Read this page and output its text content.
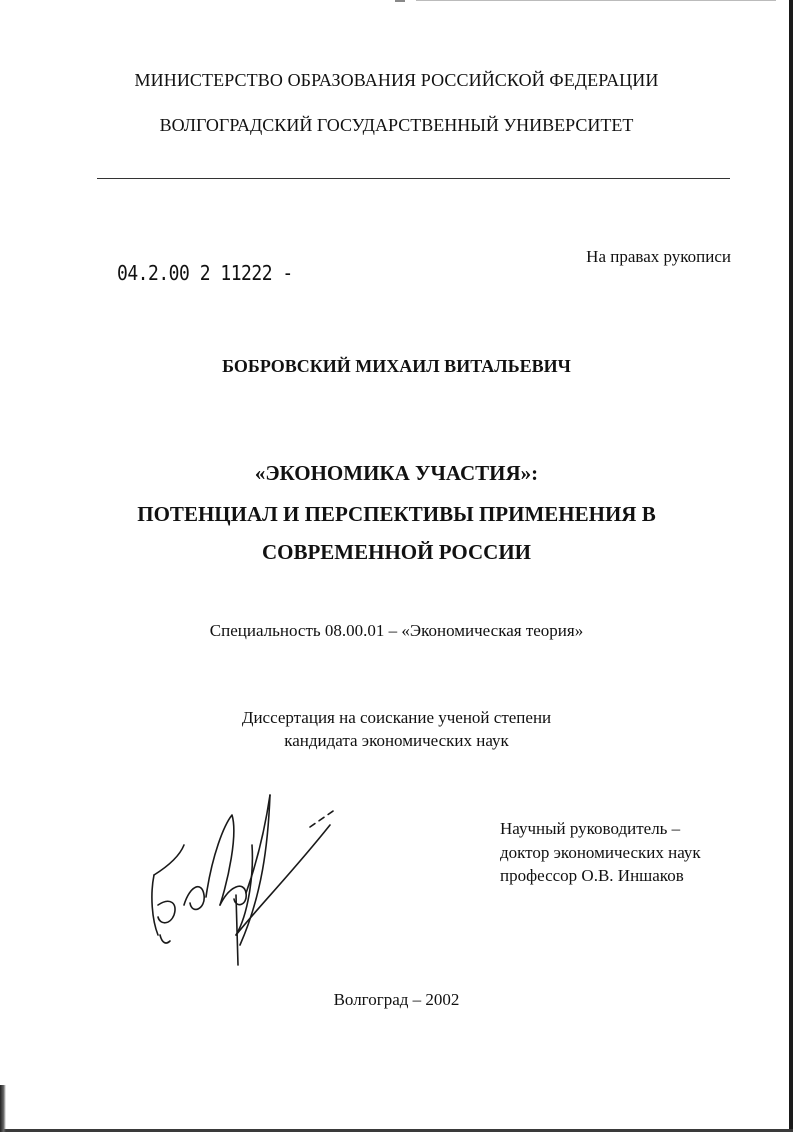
МИНИСТЕРСТВО ОБРАЗОВАНИЯ РОССИЙСКОЙ ФЕДЕРАЦИИ
ВОЛГОГРАДСКИЙ ГОСУДАРСТВЕННЫЙ УНИВЕРСИТЕТ
04.2.00 2 11222 -
На правах рукописи
БОБРОВСКИЙ МИХАИЛ ВИТАЛЬЕВИЧ
«ЭКОНОМИКА УЧАСТИЯ»:
ПОТЕНЦИАЛ И ПЕРСПЕКТИВЫ ПРИМЕНЕНИЯ В
СОВРЕМЕННОЙ РОССИИ
Специальность 08.00.01 – «Экономическая теория»
Диссертация на соискание ученой степени
кандидата экономических наук
Научный руководитель –
доктор экономических наук
профессор О.В. Иншаков
Волгоград – 2002
